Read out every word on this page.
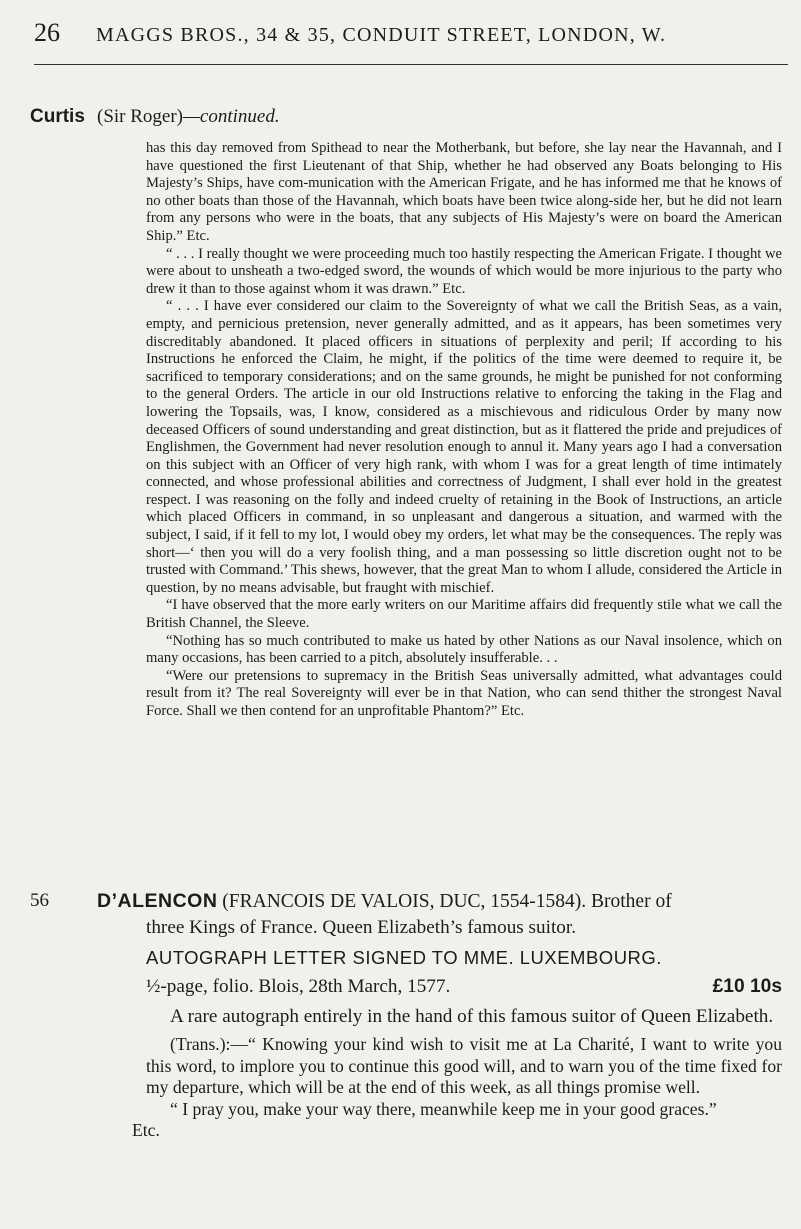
26	MAGGS BROS., 34 & 35, CONDUIT STREET, LONDON, W.
Curtis (Sir Roger)—continued.

has this day removed from Spithead to near the Motherbank, but before, she lay near the Havannah, and I have questioned the first Lieutenant of that Ship, whether he had observed any Boats belonging to His Majesty’s Ships, have com-munication with the American Frigate, and he has informed me that he knows of no other boats than those of the Havannah, which boats have been twice along-side her, but he did not learn from any persons who were in the boats, that any subjects of His Majesty’s were on board the American Ship.” Etc.

“ . . . I really thought we were proceeding much too hastily respecting the American Frigate. I thought we were about to unsheath a two-edged sword, the wounds of which would be more injurious to the party who drew it than to those against whom it was drawn.” Etc.

“ . . . I have ever considered our claim to the Sovereignty of what we call the British Seas, as a vain, empty, and pernicious pretension, never generally admitted, and as it appears, has been sometimes very discreditably abandoned. It placed officers in situations of perplexity and peril; If according to his Instructions he enforced the Claim, he might, if the politics of the time were deemed to require it, be sacrificed to temporary considerations; and on the same grounds, he might be punished for not conforming to the general Orders. The article in our old Instructions relative to enforcing the taking in the Flag and lowering the Topsails, was, I know, considered as a mischievous and ridiculous Order by many now deceased Officers of sound understanding and great distinction, but as it flattered the pride and prejudices of Englishmen, the Government had never resolution enough to annul it. Many years ago I had a conversation on this subject with an Officer of very high rank, with whom I was for a great length of time intimately connected, and whose professional abilities and correctness of Judgment, I shall ever hold in the greatest respect. I was reasoning on the folly and indeed cruelty of retaining in the Book of Instructions, an article which placed Officers in command, in so unpleasant and dangerous a situation, and warmed with the subject, I said, if it fell to my lot, I would obey my orders, let what may be the consequences. The reply was short—‘ then you will do a very foolish thing, and a man possessing so little discretion ought not to be trusted with Command.’ This shews, however, that the great Man to whom I allude, considered the Article in question, by no means advisable, but fraught with mischief.

“I have observed that the more early writers on our Maritime affairs did frequently stile what we call the British Channel, the Sleeve.

“Nothing has so much contributed to make us hated by other Nations as our Naval insolence, which on many occasions, has been carried to a pitch, absolutely insufferable. . .

“Were our pretensions to supremacy in the British Seas universally admitted, what advantages could result from it? The real Sovereignty will ever be in that Nation, who can send thither the strongest Naval Force. Shall we then contend for an unprofitable Phantom?” Etc.

56 D’ALENCON (FRANCOIS DE VALOIS, DUC, 1554-1584). Brother of

three Kings of France. Queen Elizabeth’s famous suitor.

AUTOGRAPH LETTER SIGNED TO MME. LUXEMBOURG.

½-page, folio. Blois, 28th March, 1577.	£10 10s

A rare autograph entirely in the hand of this famous suitor of Queen Elizabeth.

(Trans.):—“ Knowing your kind wish to visit me at La Charité, I want to write you this word, to implore you to continue this good will, and to warn you of the time fixed for my departure, which will be at the end of this week, as all things promise well.

“ I pray you, make your way there, meanwhile keep me in your good graces.”

Etc.
